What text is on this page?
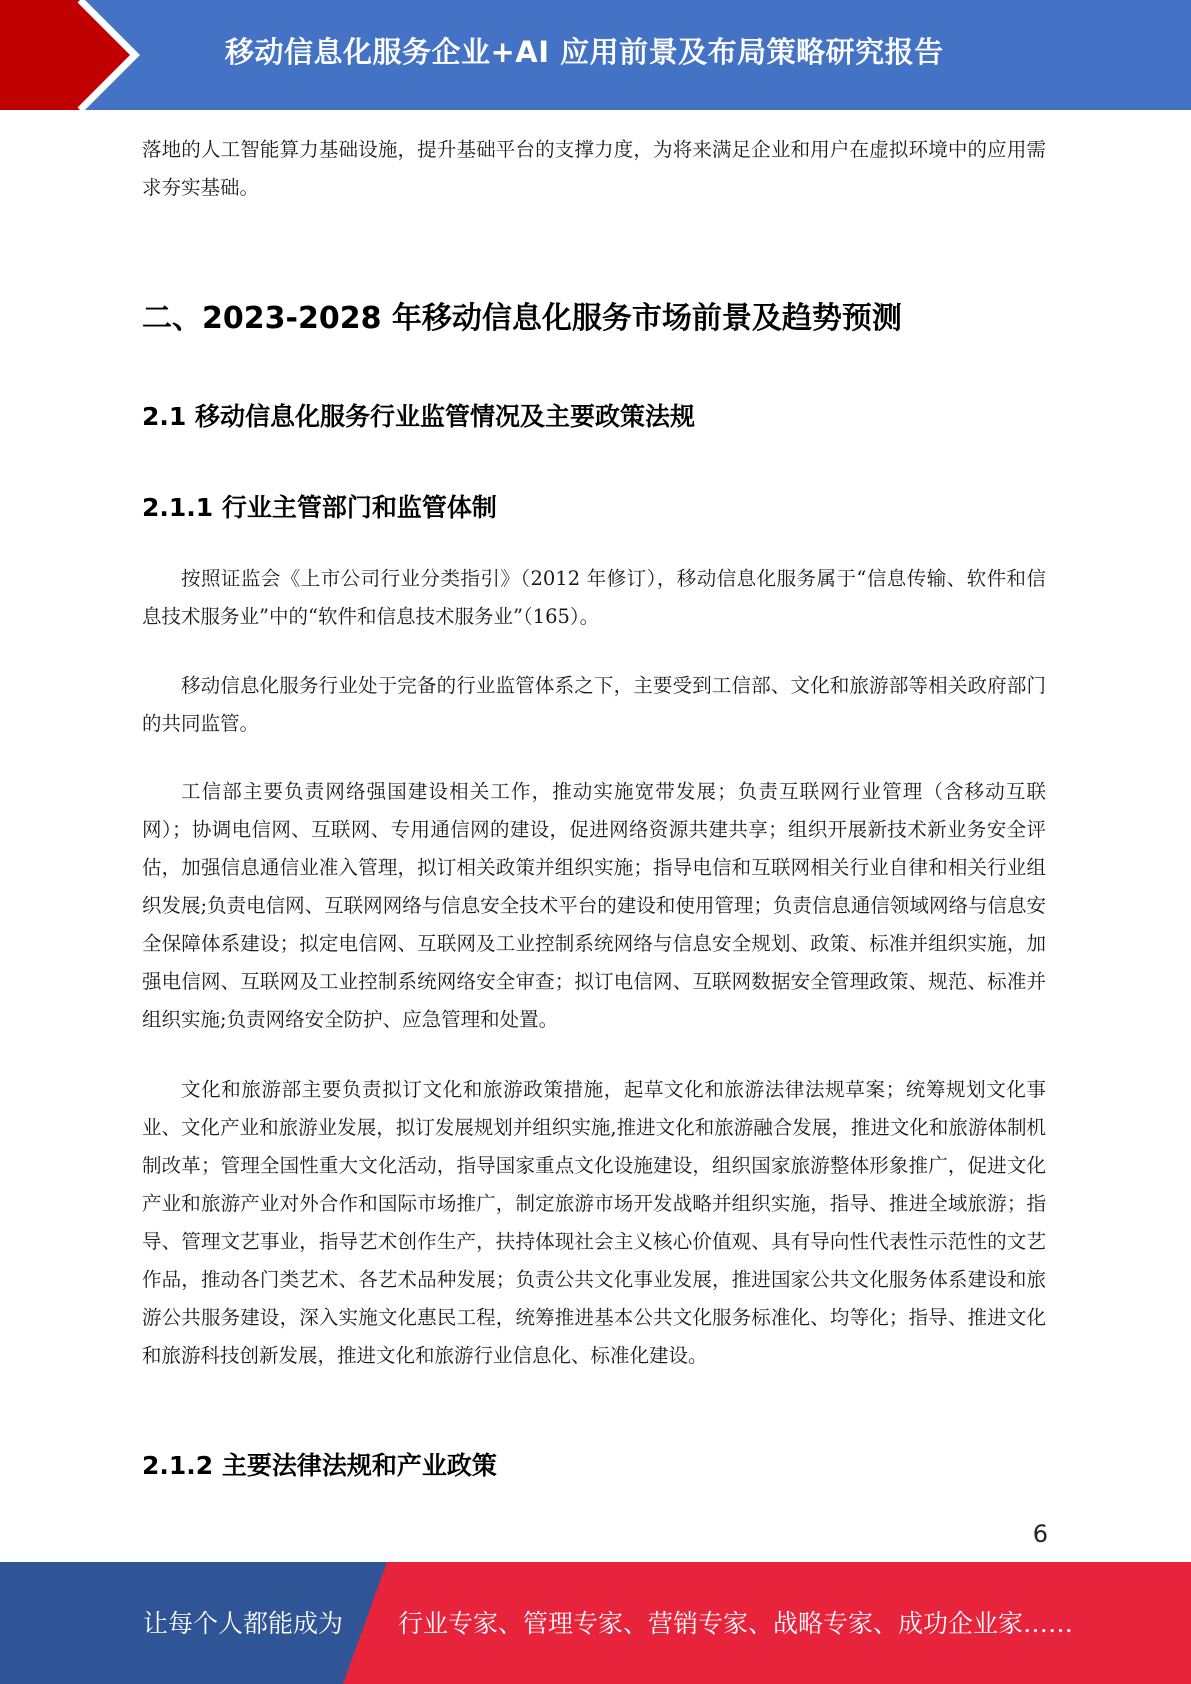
移动信息化服务企业+AI 应用前景及布局策略研究报告
落地的人工智能算力基础设施，提升基础平台的支撑力度，为将来满足企业和用户在虚拟环境中的应用需求夯实基础。
二、2023-2028 年移动信息化服务市场前景及趋势预测
2.1 移动信息化服务行业监管情况及主要政策法规
2.1.1 行业主管部门和监管体制
按照证监会《上市公司行业分类指引》（2012 年修订），移动信息化服务属于“信息传输、软件和信息技术服务业”中的“软件和信息技术服务业”（165）。
移动信息化服务行业处于完备的行业监管体系之下，主要受到工信部、文化和旅游部等相关政府部门的共同监管。
工信部主要负责网络强国建设相关工作，推动实施宽带发展；负责互联网行业管理（含移动互联网）；协调电信网、互联网、专用通信网的建设，促进网络资源共建共享；组织开展新技术新业务安全评估，加强信息通信业准入管理，拟订相关政策并组织实施；指导电信和互联网相关行业自律和相关行业组织发展;负责电信网、互联网网络与信息安全技术平台的建设和使用管理；负责信息通信领域网络与信息安全保障体系建设；拟定电信网、互联网及工业控制系统网络与信息安全规划、政策、标准并组织实施，加强电信网、互联网及工业控制系统网络安全审查；拟订电信网、互联网数据安全管理政策、规范、标准并组织实施;负责网络安全防护、应急管理和处置。
文化和旅游部主要负责拟订文化和旅游政策措施，起草文化和旅游法律法规草案；统筹规划文化事业、文化产业和旅游业发展，拟订发展规划并组织实施,推进文化和旅游融合发展，推进文化和旅游体制机制改革；管理全国性重大文化活动，指导国家重点文化设施建设，组织国家旅游整体形象推广，促进文化产业和旅游产业对外合作和国际市场推广，制定旅游市场开发战略并组织实施，指导、推进全域旅游；指导、管理文艺事业，指导艺术创作生产，扶持体现社会主义核心价值观、具有导向性代表性示范性的文艺作品，推动各门类艺术、各艺术品种发展；负责公共文化事业发展，推进国家公共文化服务体系建设和旅游公共服务建设，深入实施文化惠民工程，统筹推进基本公共文化服务标准化、均等化；指导、推进文化和旅游科技创新发展，推进文化和旅游行业信息化、标准化建设。
2.1.2 主要法律法规和产业政策
6
让每个人都能成为 行业专家、管理专家、营销专家、战略专家、成功企业家……
